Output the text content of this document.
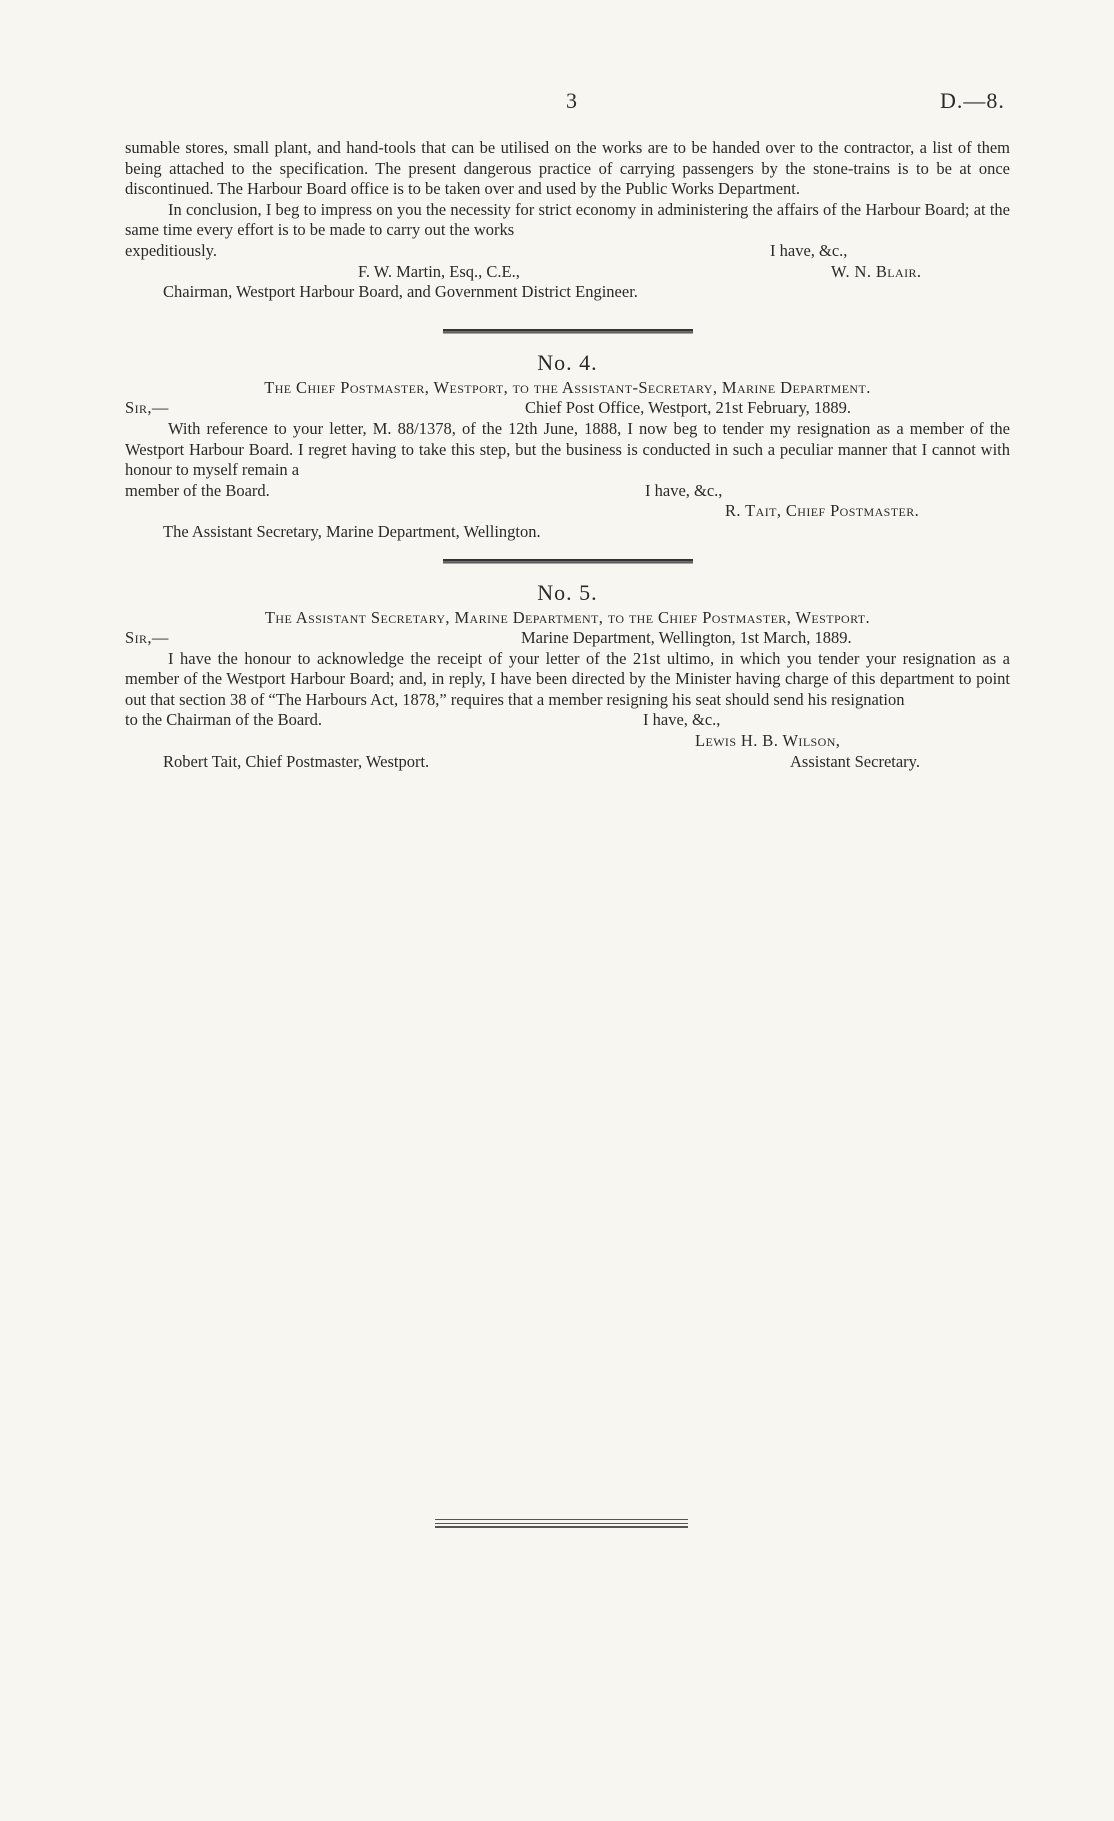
3	D.—8.

sumable stores, small plant, and hand-tools that can be utilised on the works are to be handed over to the contractor, a list of them being attached to the specification. The present dangerous practice of carrying passengers by the stone-trains is to be at once discontinued. The Harbour Board office is to be taken over and used by the Public Works Department.

In conclusion, I beg to impress on you the necessity for strict economy in administering the affairs of the Harbour Board; at the same time every effort is to be made to carry out the works

expeditiously.	I have, &c.,
F. W. Martin, Esq., C.E.,	W. N. Blair.
Chairman, Westport Harbour Board, and Government District Engineer.
No. 4.
The Chief Postmaster, Westport, to the Assistant-Secretary, Marine Department.
Sir,—	Chief Post Office, Westport, 21st February, 1889.

With reference to your letter, M. 88/1378, of the 12th June, 1888, I now beg to tender my resignation as a member of the Westport Harbour Board. I regret having to take this step, but the business is conducted in such a peculiar manner that I cannot with honour to myself remain a

member of the Board.	I have, &c.,
R. Tait, Chief Postmaster.
The Assistant Secretary, Marine Department, Wellington.
No. 5.
The Assistant Secretary, Marine Department, to the Chief Postmaster, Westport.
Sir,—	Marine Department, Wellington, 1st March, 1889.

I have the honour to acknowledge the receipt of your letter of the 21st ultimo, in which you tender your resignation as a member of the Westport Harbour Board; and, in reply, I have been directed by the Minister having charge of this department to point out that section 38 of “The Harbours Act, 1878,” requires that a member resigning his seat should send his resignation

to the Chairman of the Board.	I have, &c.,
Lewis H. B. Wilson,
Robert Tait, Chief Postmaster, Westport.	Assistant Secretary.
